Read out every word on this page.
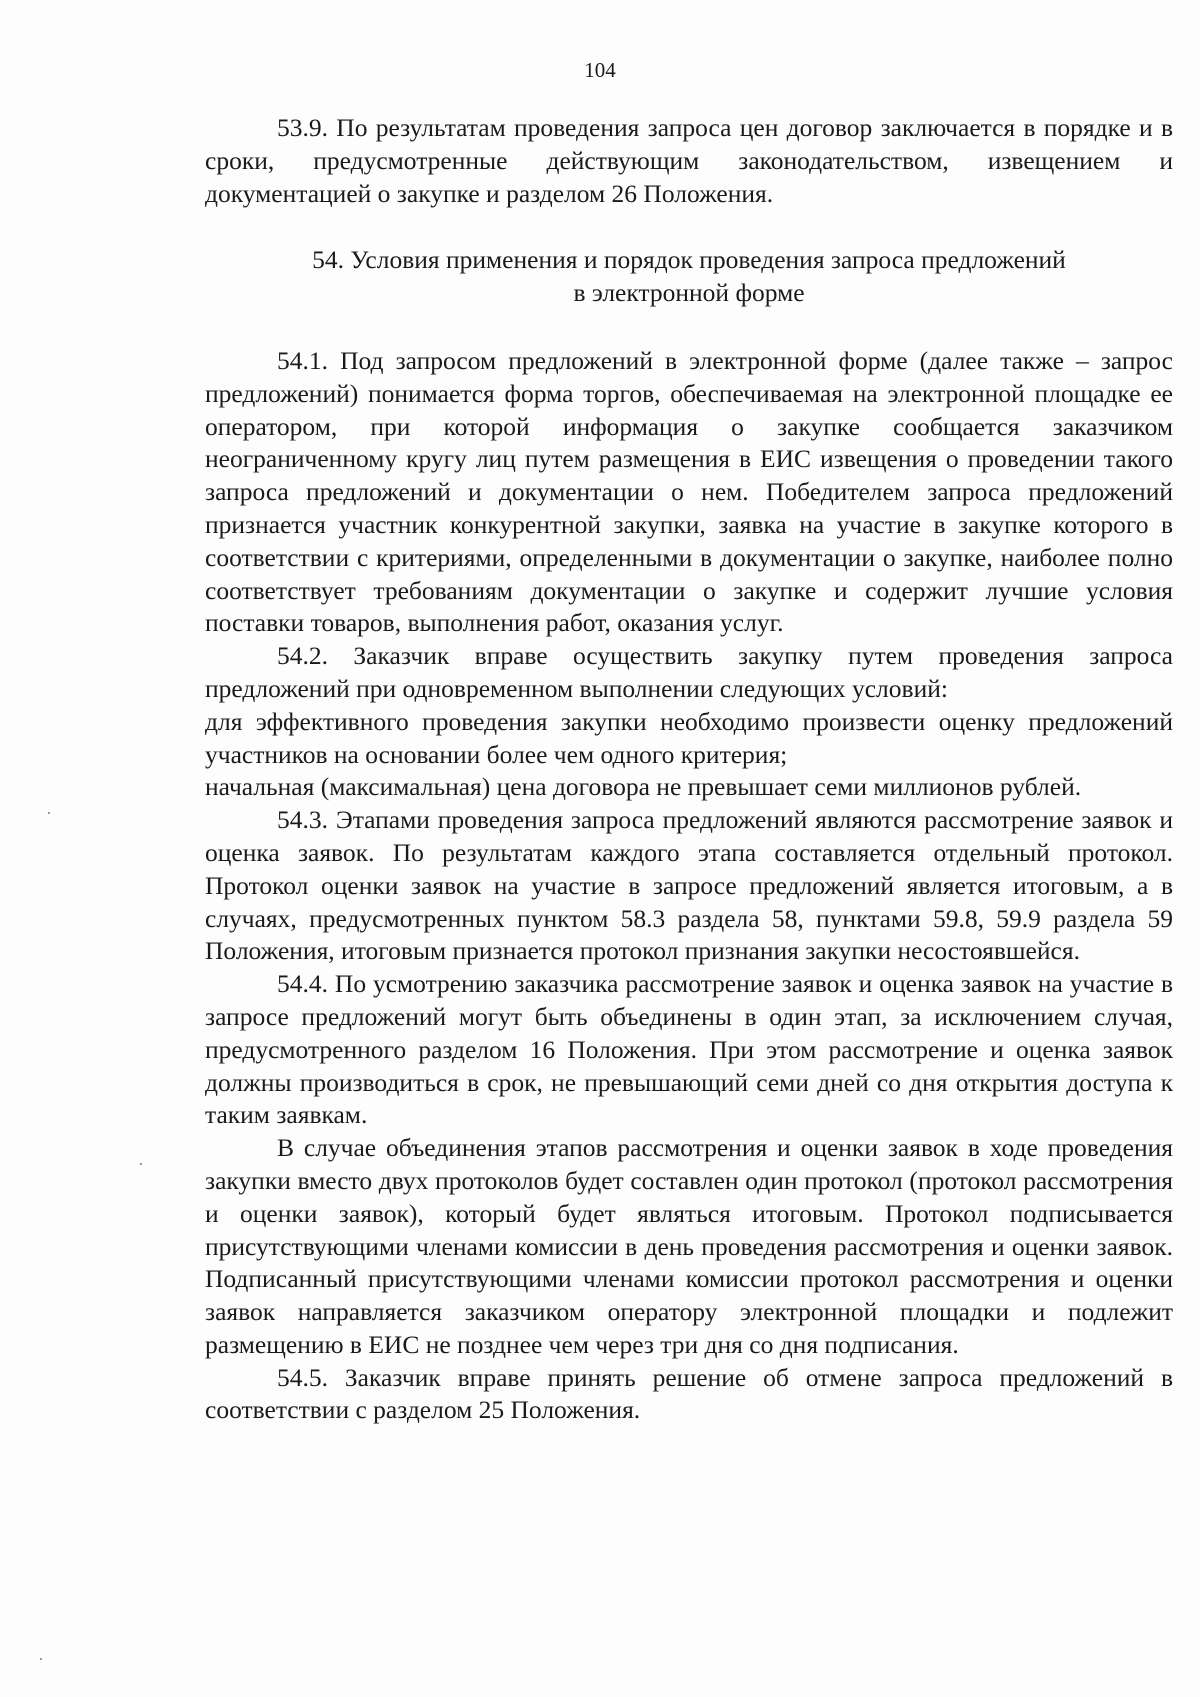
104

53.9. По результатам проведения запроса цен договор заключается в порядке и в сроки, предусмотренные действующим законодательством, извещением и документацией о закупке и разделом 26 Положения.

54. Условия применения и порядок проведения запроса предложений
в электронной форме

54.1. Под запросом предложений в электронной форме (далее также – запрос предложений) понимается форма торгов, обеспечиваемая на электронной площадке ее оператором, при которой информация о закупке сообщается заказчиком неограниченному кругу лиц путем размещения в ЕИС извещения о проведении такого запроса предложений и документации о нем. Победителем запроса предложений признается участник конкурентной закупки, заявка на участие в закупке которого в соответствии с критериями, определенными в документации о закупке, наиболее полно соответствует требованиям документации о закупке и содержит лучшие условия поставки товаров, выполнения работ, оказания услуг.

54.2. Заказчик вправе осуществить закупку путем проведения запроса предложений при одновременном выполнении следующих условий:

для эффективного проведения закупки необходимо произвести оценку предложений участников на основании более чем одного критерия;

начальная (максимальная) цена договора не превышает семи миллионов рублей.

54.3. Этапами проведения запроса предложений являются рассмотрение заявок и оценка заявок. По результатам каждого этапа составляется отдельный протокол. Протокол оценки заявок на участие в запросе предложений является итоговым, а в случаях, предусмотренных пунктом 58.3 раздела 58, пунктами 59.8, 59.9 раздела 59 Положения, итоговым признается протокол признания закупки несостоявшейся.

54.4. По усмотрению заказчика рассмотрение заявок и оценка заявок на участие в запросе предложений могут быть объединены в один этап, за исключением случая, предусмотренного разделом 16 Положения. При этом рассмотрение и оценка заявок должны производиться в срок, не превышающий семи дней со дня открытия доступа к таким заявкам.

В случае объединения этапов рассмотрения и оценки заявок в ходе проведения закупки вместо двух протоколов будет составлен один протокол (протокол рассмотрения и оценки заявок), который будет являться итоговым. Протокол подписывается присутствующими членами комиссии в день проведения рассмотрения и оценки заявок. Подписанный присутствующими членами комиссии протокол рассмотрения и оценки заявок направляется заказчиком оператору электронной площадки и подлежит размещению в ЕИС не позднее чем через три дня со дня подписания.

54.5. Заказчик вправе принять решение об отмене запроса предложений в соответствии с разделом 25 Положения.
